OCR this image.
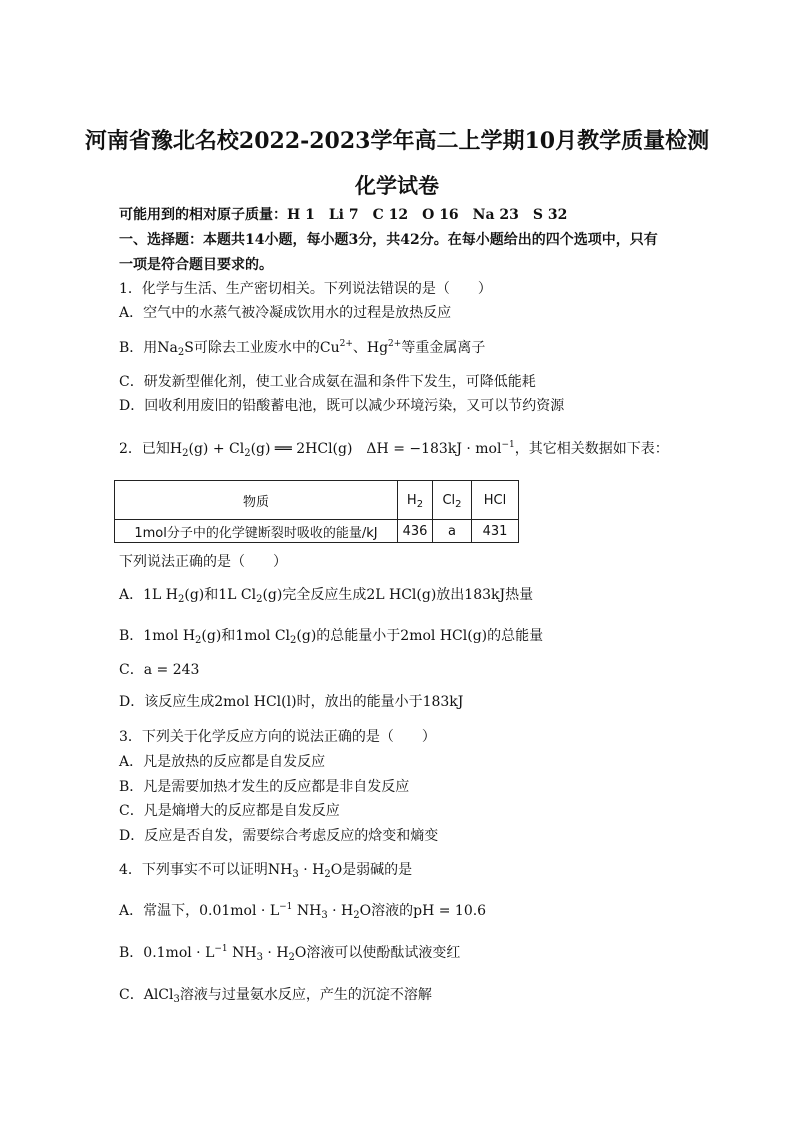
河南省豫北名校2022-2023学年高二上学期10月教学质量检测
化学试卷
可能用到的相对原子质量：H 1　Li 7　C 12　O 16　Na 23　S 32
一、选择题：本题共14小题，每小题3分，共42分。在每小题给出的四个选项中，只有
一项是符合题目要求的。
1．化学与生活、生产密切相关。下列说法错误的是（　　）
A．空气中的水蒸气被冷凝成饮用水的过程是放热反应
B．用$Na_2S$可除去工业废水中的$Cu^{2+}$、$Hg^{2+}$等重金属离子
C．研发新型催化剂，使工业合成氨在温和条件下发生，可降低能耗
D．回收利用废旧的铅酸蓄电池，既可以减少环境污染，又可以节约资源
2．已知$H_2(g) + Cl_2(g)$ ══ 2HCl(g)　ΔH = −183kJ · mol$^{-1}$，其它相关数据如下表：
物质	$H_2$	$Cl_2$	HCl
1mol分子中的化学键断裂时吸收的能量/kJ	436	a	431
下列说法正确的是（　　）
A．1L $H_2(g)$和1L $Cl_2(g)$完全反应生成2L HCl(g)放出183kJ热量
B．1mol $H_2(g)$和1mol $Cl_2(g)$的总能量小于2mol HCl(g)的总能量
C．a = 243
D．该反应生成2mol HCl(l)时，放出的能量小于183kJ
3．下列关于化学反应方向的说法正确的是（　　）
A．凡是放热的反应都是自发反应
B．凡是需要加热才发生的反应都是非自发反应
C．凡是熵增大的反应都是自发反应
D．反应是否自发，需要综合考虑反应的焓变和熵变
4．下列事实不可以证明$NH_3 \cdot H_2O$是弱碱的是
A．常温下，$0.01mol \cdot L^{-1}$ $NH_3 \cdot H_2O$溶液的pH = 10.6
B．$0.1mol \cdot L^{-1}$ $NH_3 \cdot H_2O$溶液可以使酚酞试液变红
C．AlCl$_3$溶液与过量氨水反应，产生的沉淀不溶解
